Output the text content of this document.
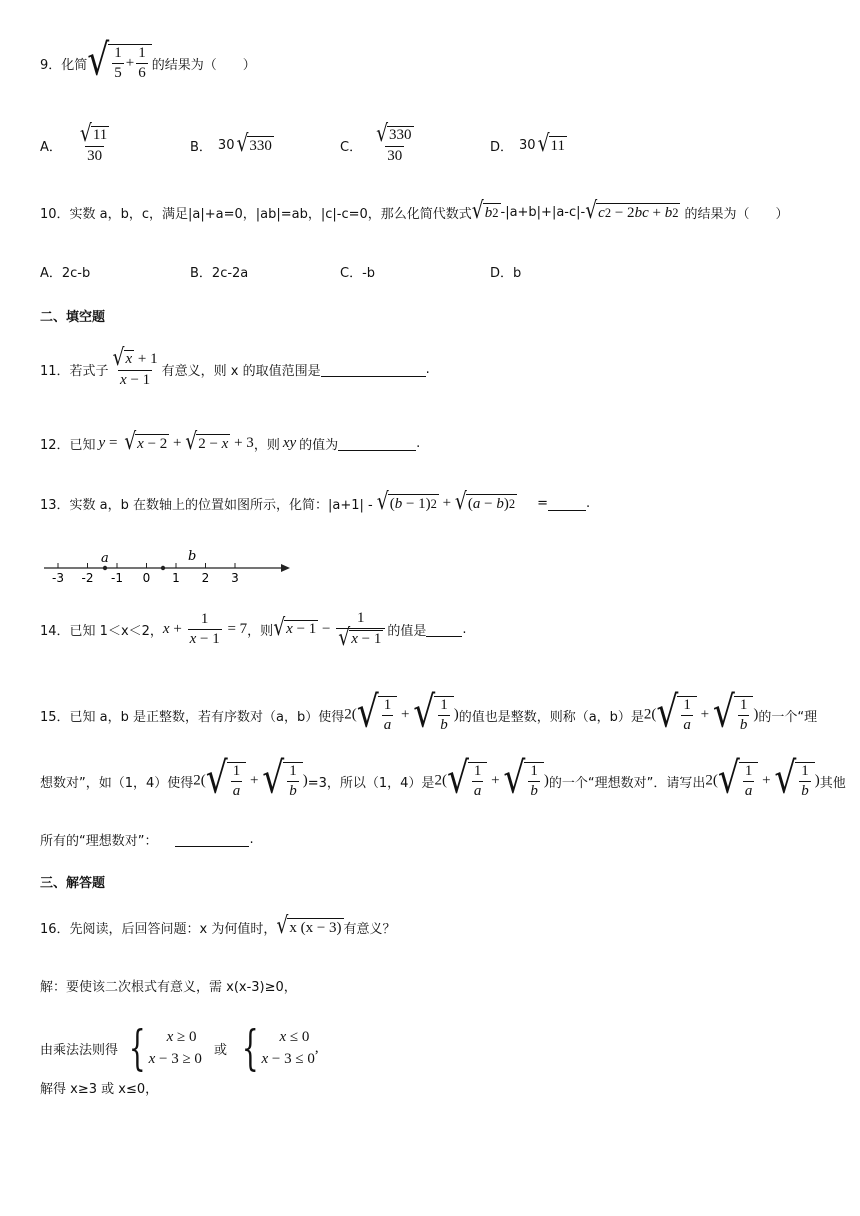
9．化简 √ $\frac{1}{5} + \frac{1}{6}$ 的结果为（　　）
A． $\frac{√ 11}{30}$	B． 30 √ 330	C． $\frac{√ 330}{30}$	D． 30 √ 11
10．实数 a，b，c，满足|a|+a=0，|ab|=ab，|c|-c=0，那么化简代数式 √ b 2 -|a+b|+|a-c|- √ c 2 − 2 bc + b 2 的结果为（　　）
A．2c-b	B．2c-2a	C．-b	D．b
二、填空题
11．若式子 $\frac{√ x + 1}{x - 1}$ 有意义，则 x 的取值范围是	.
12．已知 y = √ x − 2 + √ 2 − x + 3 ，则 xy 的值为	.
13．实数 a，b 在数轴上的位置如图所示，化简：|a+1| - √ ( b − 1) 2 + √ ( a − b ) 2 =	.
-3 -2 -1 0 1 2 3
a	b
14．已知 1＜x＜2， $x + \frac{1}{x - 1} = 7$ ，则 √ $x - 1 - \frac{1}{√ x - 1}$ 的值是	.
15．已知 a，b 是正整数，若有序数对（a，b）使得 2( √ $\frac{1}{a}$ + √ $\frac{1}{b}$ ) 的值也是整数，则称（a，b）是 2( √ $\frac{1}{a}$ + √ $\frac{1}{b}$ ) 的一个“理
想数对”，如（1，4）使得 2( √ $\frac{1}{a}$ + √ $\frac{1}{b}$ ) =3，所以（1，4）是 2( √ $\frac{1}{a}$ + √ $\frac{1}{b}$ ) 的一个“理想数对”．请写出 2( √ $\frac{1}{a}$ + √ $\frac{1}{b}$ ) 其他
所有的“理想数对”：	.
三、解答题
16．先阅读，后回答问题：x 为何值时， √ x (x − 3) 有意义？
解：要使该二次根式有意义，需 x(x-3)≥0，
由乘法法则得 {	x ≥ 0
x − 3 ≥ 0
或 {	x ≤ 0
x − 3 ≤ 0
,
解得 x≥3 或 x≤0，
